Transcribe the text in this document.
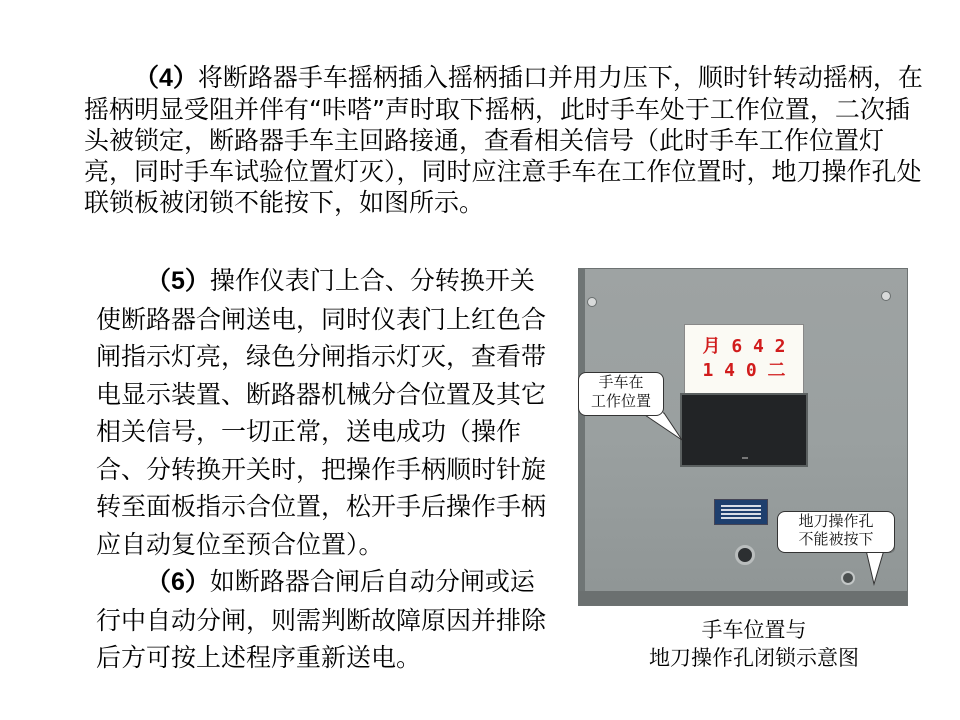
（4）将断路器手车摇柄插入摇柄插口并用力压下，顺时针转动摇柄，在摇柄明显受阻并伴有“咔嗒”声时取下摇柄，此时手车处于工作位置，二次插头被锁定，断路器手车主回路接通，查看相关信号（此时手车工作位置灯亮，同时手车试验位置灯灭），同时应注意手车在工作位置时，地刀操作孔处联锁板被闭锁不能按下，如图所示。

（5）操作仪表门上合、分转换开关使断路器合闸送电，同时仪表门上红色合闸指示灯亮，绿色分闸指示灯灭，查看带电显示装置、断路器机械分合位置及其它相关信号，一切正常，送电成功（操作合、分转换开关时，把操作手柄顺时针旋转至面板指示合位置，松开手后操作手柄应自动复位至预合位置）。
（6）如断路器合闸后自动分闸或运行中自动分闸，则需判断故障原因并排除后方可按上述程序重新送电。
月 6 4 2
1 4 0 二
手车在
工作位置
地刀操作孔
不能被按下
手车位置与
地刀操作孔闭锁示意图
